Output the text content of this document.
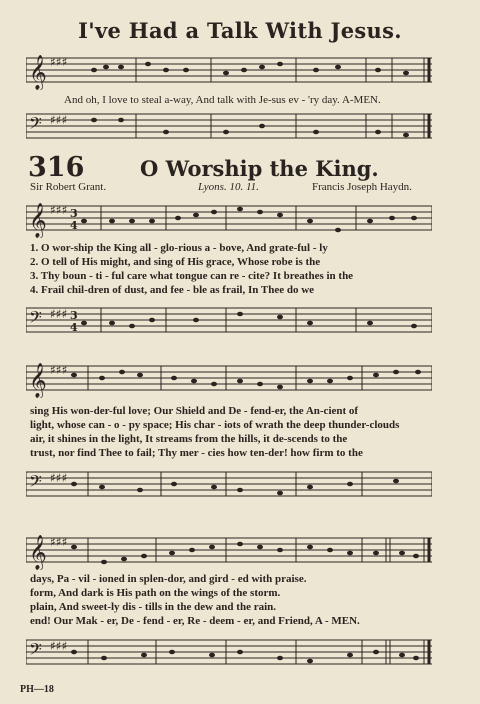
I've Had a Talk With Jesus.
𝄞 ♯♯♯
And oh, I love to steal a-way, And talk with Je-sus ev - 'ry day. A-MEN.
𝄢 ♯♯♯
316	O Worship the King.
Sir Robert Grant.	Lyons. 10. 11.	Francis Joseph Haydn.
𝄞 ♯♯♯ 3
4
1. O wor-ship the King all - glo-rious a - bove, And grate-ful - ly
2. O tell of His might, and sing of His grace, Whose robe is the
3. Thy boun - ti - ful care what tongue can re - cite? It breathes in the
4. Frail chil-dren of dust, and fee - ble as frail, In Thee do we
𝄢 ♯♯♯ 3
4
𝄞 ♯♯♯
sing His won-der-ful love; Our Shield and De - fend-er, the An-cient of
light, whose can - o - py space; His char - iots of wrath the deep thunder-clouds
air, it shines in the light, It streams from the hills, it de-scends to the
trust, nor find Thee to fail; Thy mer - cies how ten-der! how firm to the
𝄢 ♯♯♯
𝄞 ♯♯♯
days, Pa - vil - ioned in splen-dor, and gird - ed with praise.
form, And dark is His path on the wings of the storm.
plain, And sweet-ly dis - tills in the dew and the rain.
end! Our Mak - er, De - fend - er, Re - deem - er, and Friend, A - MEN.
𝄢 ♯♯♯
PH—18
